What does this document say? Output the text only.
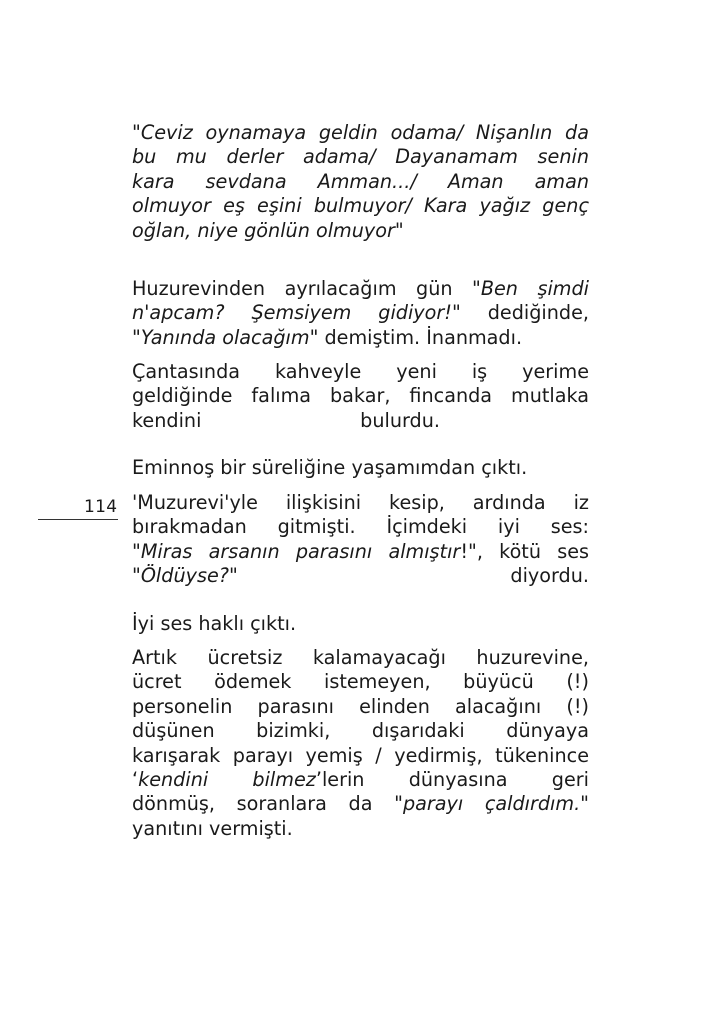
114
"Ceviz oynamaya geldin odama/ Nişanlın da
bu mu derler adama/ Dayanamam senin
kara sevdana Amman.../ Aman aman
olmuyor eş eşini bulmuyor/ Kara yağız genç
oğlan, niye gönlün olmuyor"
Huzurevinden ayrılacağım gün "Ben şimdi
n'apcam? Şemsiyem gidiyor!" dediğinde,
"Yanında olacağım" demiştim. İnanmadı.
Çantasında kahveyle yeni iş yerime
geldiğinde falıma bakar, fincanda mutlaka
kendini	bulurdu.
Eminnoş bir süreliğine yaşamımdan çıktı.
'Muzurevi'yle ilişkisini kesip, ardında iz
bırakmadan gitmişti. İçimdeki iyi ses:
"Miras arsanın parasını almıştır!", kötü ses
"Öldüyse?"	diyordu.
İyi ses haklı çıktı.
Artık ücretsiz kalamayacağı huzurevine,
ücret ödemek istemeyen, büyücü (!)
personelin parasını elinden alacağını (!)
düşünen bizimki, dışarıdaki dünyaya
karışarak parayı yemiş / yedirmiş, tükenince
‘kendini bilmez’lerin dünyasına geri
dönmüş, soranlara da "parayı çaldırdım."
yanıtını vermişti.
